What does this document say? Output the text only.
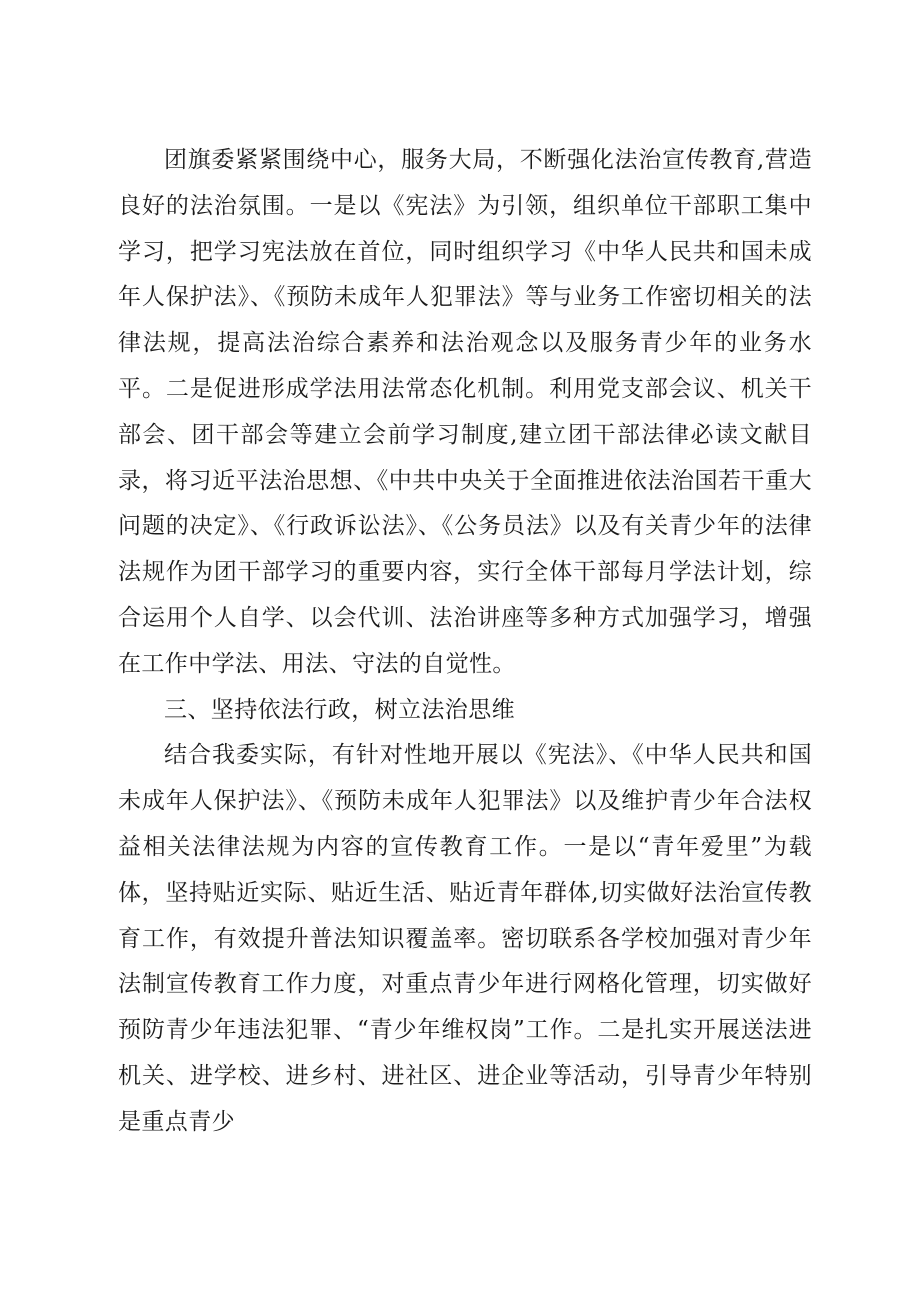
团旗委紧紧围绕中心，服务大局，不断强化法治宣传教育,营造良好的法治氛围。一是以《宪法》为引领，组织单位干部职工集中学习，把学习宪法放在首位，同时组织学习《中华人民共和国未成年人保护法》、《预防未成年人犯罪法》等与业务工作密切相关的法律法规，提高法治综合素养和法治观念以及服务青少年的业务水平。二是促进形成学法用法常态化机制。利用党支部会议、机关干部会、团干部会等建立会前学习制度,建立团干部法律必读文献目录，将习近平法治思想、《中共中央关于全面推进依法治国若干重大问题的决定》、《行政诉讼法》、《公务员法》以及有关青少年的法律法规作为团干部学习的重要内容，实行全体干部每月学法计划，综合运用个人自学、以会代训、法治讲座等多种方式加强学习，增强在工作中学法、用法、守法的自觉性。

三、坚持依法行政，树立法治思维

结合我委实际，有针对性地开展以《宪法》、《中华人民共和国未成年人保护法》、《预防未成年人犯罪法》以及维护青少年合法权益相关法律法规为内容的宣传教育工作。一是以“青年爱里”为载体，坚持贴近实际、贴近生活、贴近青年群体,切实做好法治宣传教育工作，有效提升普法知识覆盖率。密切联系各学校加强对青少年法制宣传教育工作力度，对重点青少年进行网格化管理，切实做好预防青少年违法犯罪、“青少年维权岗”工作。二是扎实开展送法进机关、进学校、进乡村、进社区、进企业等活动，引导青少年特别是重点青少
